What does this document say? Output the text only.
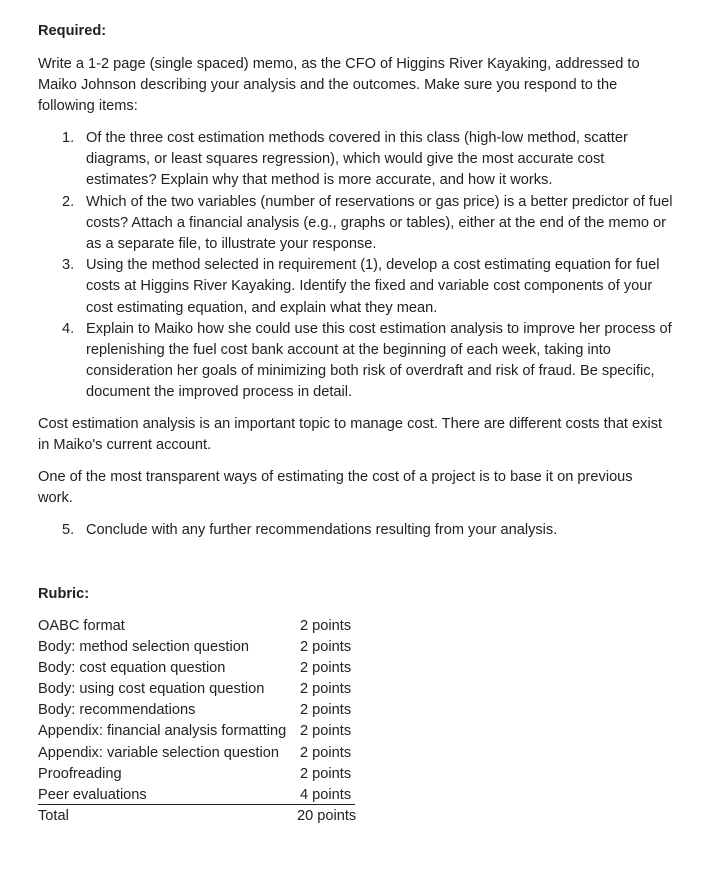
Required:
Write a 1-2 page (single spaced) memo, as the CFO of Higgins River Kayaking, addressed to Maiko Johnson describing your analysis and the outcomes. Make sure you respond to the following items:
1. Of the three cost estimation methods covered in this class (high-low method, scatter diagrams, or least squares regression), which would give the most accurate cost estimates? Explain why that method is more accurate, and how it works.
2. Which of the two variables (number of reservations or gas price) is a better predictor of fuel costs? Attach a financial analysis (e.g., graphs or tables), either at the end of the memo or as a separate file, to illustrate your response.
3. Using the method selected in requirement (1), develop a cost estimating equation for fuel costs at Higgins River Kayaking. Identify the fixed and variable cost components of your cost estimating equation, and explain what they mean.
4. Explain to Maiko how she could use this cost estimation analysis to improve her process of replenishing the fuel cost bank account at the beginning of each week, taking into consideration her goals of minimizing both risk of overdraft and risk of fraud. Be specific, document the improved process in detail.
Cost estimation analysis is an important topic to manage cost. There are different costs that exist in Maiko's current account.
One of the most transparent ways of estimating the cost of a project is to base it on previous work.
5. Conclude with any further recommendations resulting from your analysis.
Rubric:
OABC format	2 points
Body: method selection question	2 points
Body: cost equation question	2 points
Body: using cost equation question 2 points
Body: recommendations	2 points
Appendix: financial analysis formatting 2 points
Appendix: variable selection question 2 points
Proofreading	2 points
Peer evaluations	4 points
Total	20 points
